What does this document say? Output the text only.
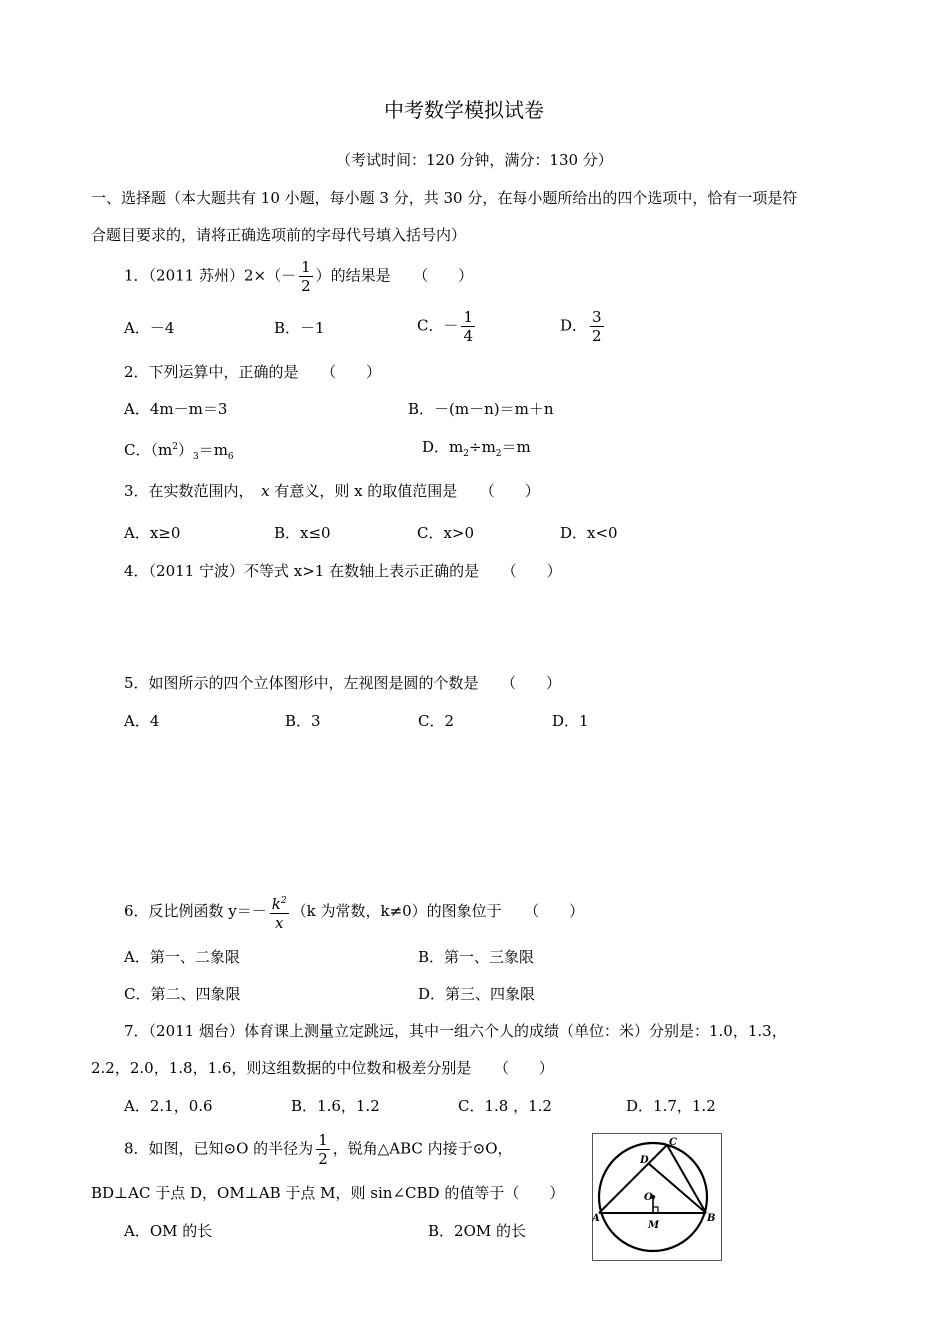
中考数学模拟试卷
（考试时间：120 分钟，满分：130 分）
一、选择题（本大题共有 10 小题，每小题 3 分，共 30 分，在每小题所给出的四个选项中，恰有一项是符
合题目要求的，请将正确选项前的字母代号填入括号内）
1．（2011 苏州）$2\times(- \frac{1}{2}$ ）的结果是　　（　　）
A．－4	B．－1	C．－ $\frac{1}{4}$	D． $\frac{3}{2}$
2．下列运算中，正确的是　　（　　）
A．4m－m＝3	B．－(m－n)＝m＋n
C．$(m^2)_3=m_6$
D．$m_2\div m_2=m$
3．在实数范围内，　 x 有意义，则 x 的取值范围是　　（　　）
A．x≥0	B．x≤0	C．x>0	D．x<0
4．（2011 宁波）不等式 x>1 在数轴上表示正确的是　　（　　）
5．如图所示的四个立体图形中，左视图是圆的个数是　　（　　）
A．4	B．3	C．2	D．1
6．反比例函数 $y=- \frac{k^2}{x} (k$ 为常数，k≠0）的图象位于　　（　　）
A．第一、二象限	B．第一、三象限
C．第二、四象限	D．第三、四象限
7．（2011 烟台）体育课上测量立定跳远，其中一组六个人的成绩（单位：米）分别是：1.0，1.3，
2.2，2.0，1.8，1.6，则这组数据的中位数和极差分别是　　（　　）
A．2.1，0.6	B．1.6，1.2	C．1.8 ，1.2	D．1.7，1.2
8．如图，已知⊙O 的半径为 $\frac{1}{2}$ ，锐角△ABC 内接于⊙O，
BD⊥AC 于点 D，OM⊥AB 于点 M，则 sin∠CBD 的值等于（　　）
A．OM 的长	B．2OM 的长
A	B
C
D
O
M
